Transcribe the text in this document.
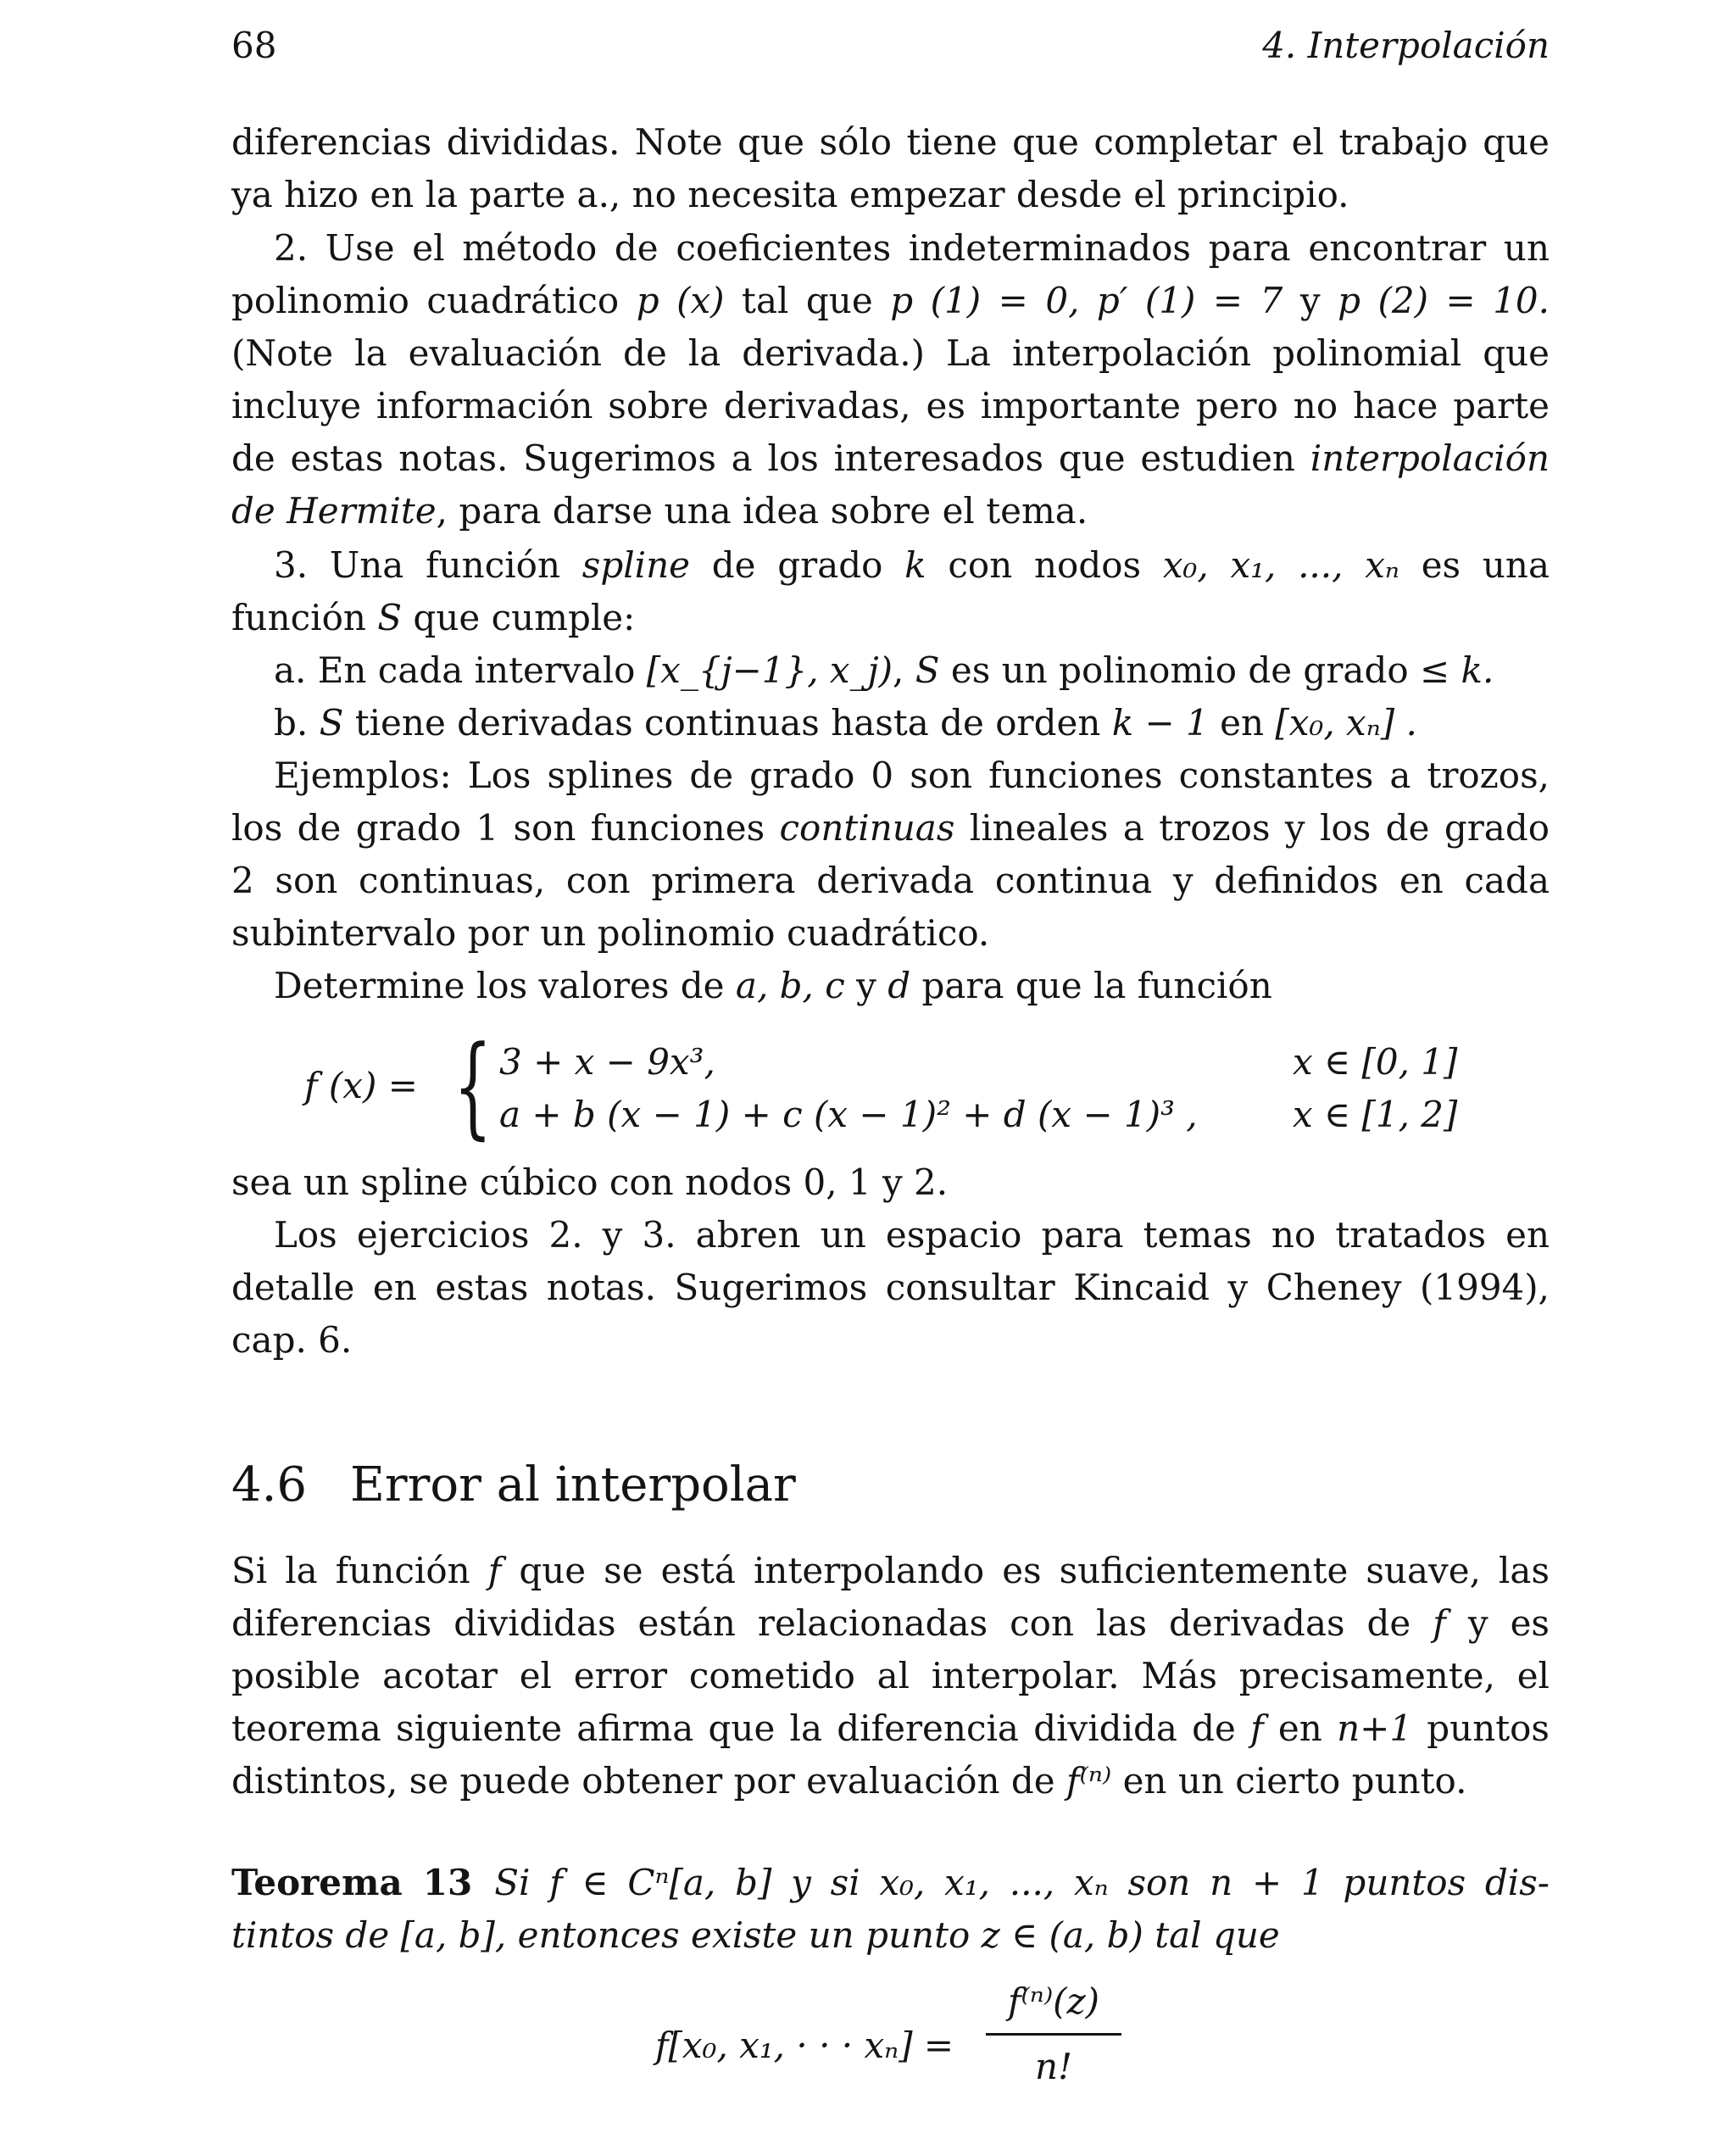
68	4. Interpolación
diferencias divididas. Note que sólo tiene que completar el trabajo que
ya hizo en la parte a., no necesita empezar desde el principio.
2. Use el método de coeficientes indeterminados para encontrar un
polinomio cuadrático p (x) tal que p (1) = 0, p′ (1) = 7 y p (2) = 10.
(Note la evaluación de la derivada.) La interpolación polinomial que
incluye información sobre derivadas, es importante pero no hace parte
de estas notas. Sugerimos a los interesados que estudien interpolación
de Hermite, para darse una idea sobre el tema.
3. Una función spline de grado k con nodos x₀, x₁, ..., xₙ es una
función S que cumple:
a. En cada intervalo [x_{j−1}, x_j), S es un polinomio de grado ≤ k.
b. S tiene derivadas continuas hasta de orden k − 1 en [x₀, xₙ] .
Ejemplos: Los splines de grado 0 son funciones constantes a trozos,
los de grado 1 son funciones continuas lineales a trozos y los de grado
2 son continuas, con primera derivada continua y definidos en cada
subintervalo por un polinomio cuadrático.
Determine los valores de a, b, c y d para que la función
f (x) = { 3 + x − 9x³,
a + b (x − 1) + c (x − 1)² + d (x − 1)³ ,
x ∈ [0, 1]
x ∈ [1, 2]
sea un spline cúbico con nodos 0, 1 y 2.
Los ejercicios 2. y 3. abren un espacio para temas no tratados en
detalle en estas notas. Sugerimos consultar Kincaid y Cheney (1994),
cap. 6.
4.6 Error al interpolar
Si la función f que se está interpolando es suficientemente suave, las
diferencias divididas están relacionadas con las derivadas de f y es
posible acotar el error cometido al interpolar. Más precisamente, el
teorema siguiente afirma que la diferencia dividida de f en n+1 puntos
distintos, se puede obtener por evaluación de f⁽ⁿ⁾ en un cierto punto.
Teorema 13 Si f ∈ Cⁿ[a, b] y si x₀, x₁, ..., xₙ son n + 1 puntos dis-
tintos de [a, b], entonces existe un punto z ∈ (a, b) tal que
f[x₀, x₁, · · · xₙ] =
f⁽ⁿ⁾(z)
n!
